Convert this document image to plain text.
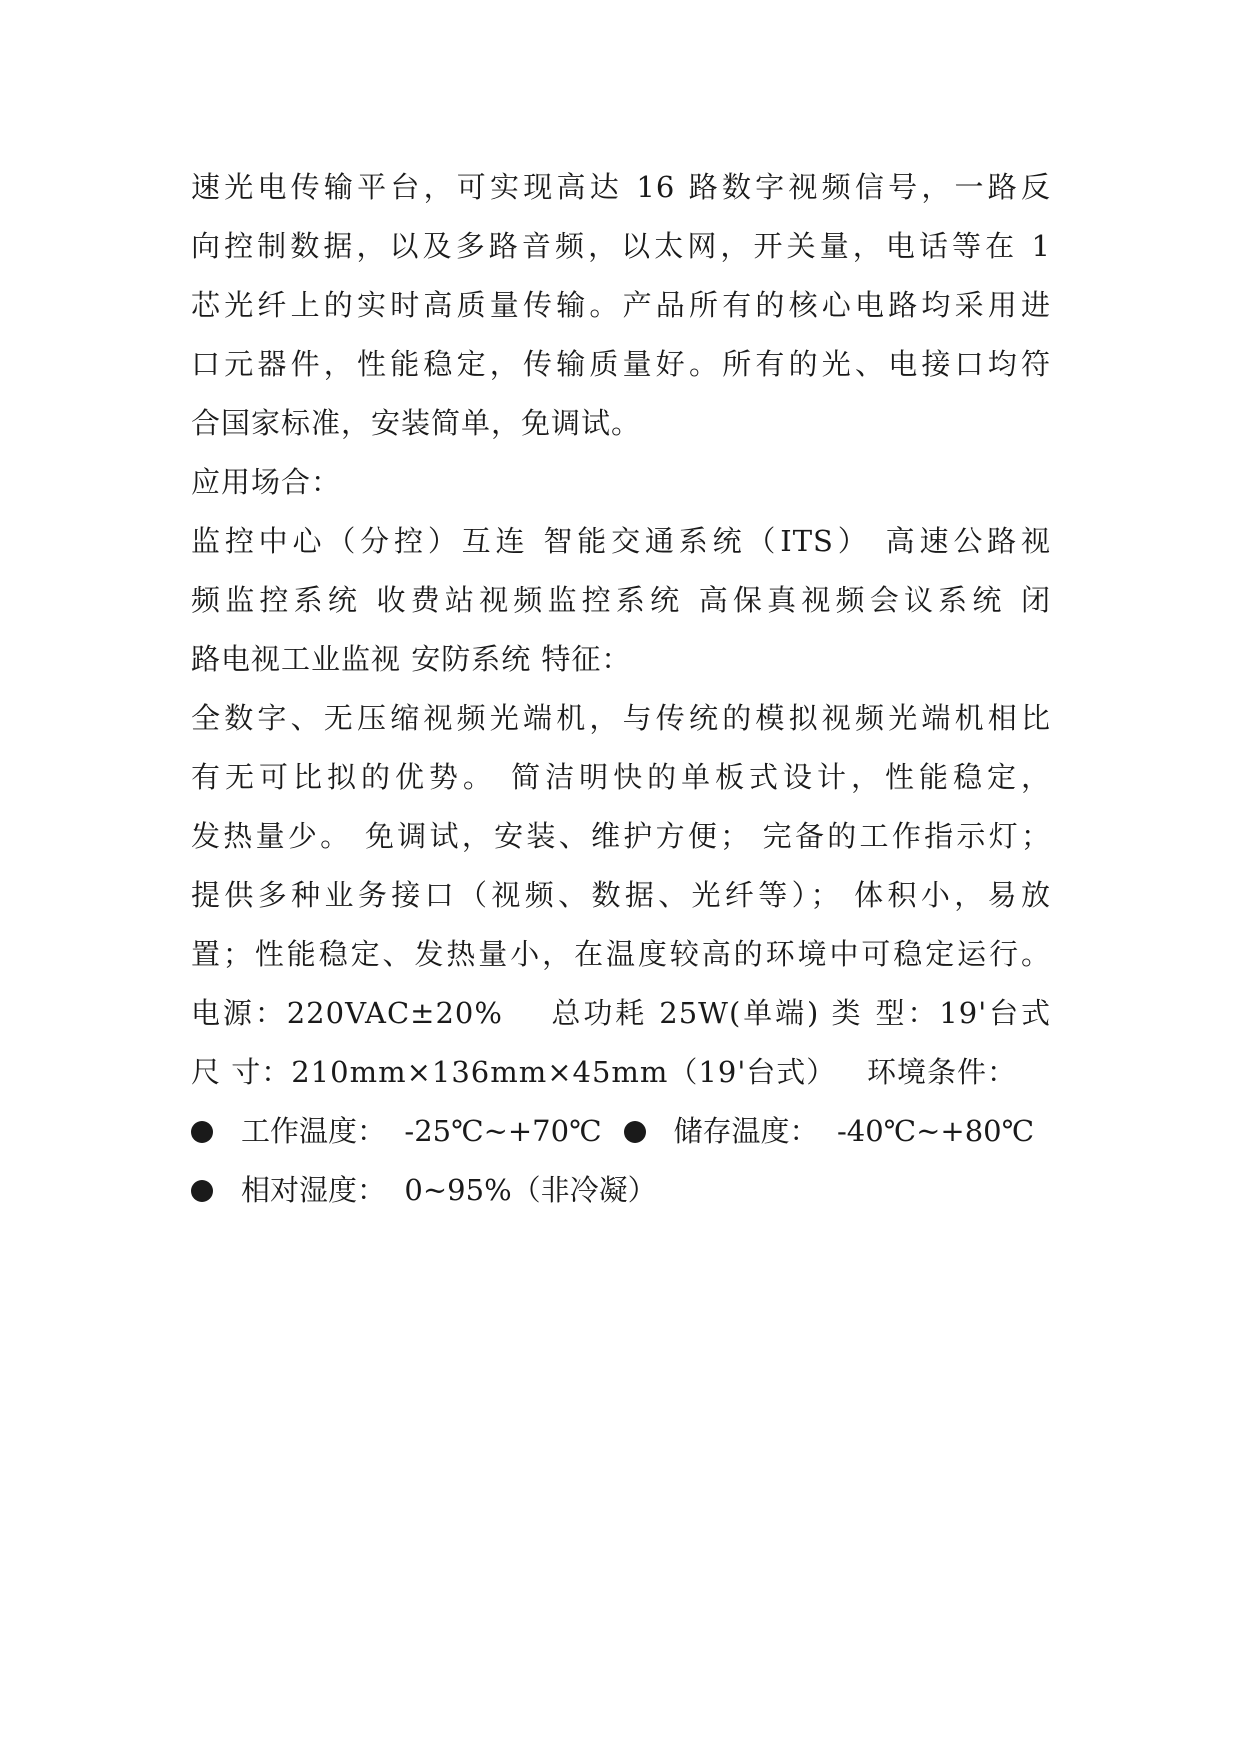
速光电传输平台，可实现高达 16 路数字视频信号，一路反
向控制数据，以及多路音频，以太网，开关量，电话等在 1
芯光纤上的实时高质量传输。产品所有的核心电路均采用进
口元器件，性能稳定，传输质量好。所有的光、电接口均符
合国家标准，安装简单，免调试。
应用场合：
监控中心（分控）互连 智能交通系统（ITS） 高速公路视
频监控系统 收费站视频监控系统 高保真视频会议系统 闭
路电视工业监视 安防系统 特征：
全数字、无压缩视频光端机，与传统的模拟视频光端机相比
有无可比拟的优势。 简洁明快的单板式设计，性能稳定，
发热量少。 免调试，安装、维护方便； 完备的工作指示灯；
提供多种业务接口（视频、数据、光纤等）； 体积小，易放
置；性能稳定、发热量小，在温度较高的环境中可稳定运行。
电源：220VAC±20%    总功耗 25W(单端) 类 型：19'台式
尺 寸：210mm×136mm×45mm（19'台式）   环境条件：
工作温度：  -25℃~+70℃ 储存温度：  -40℃~+80℃
相对湿度：  0~95%（非冷凝）
